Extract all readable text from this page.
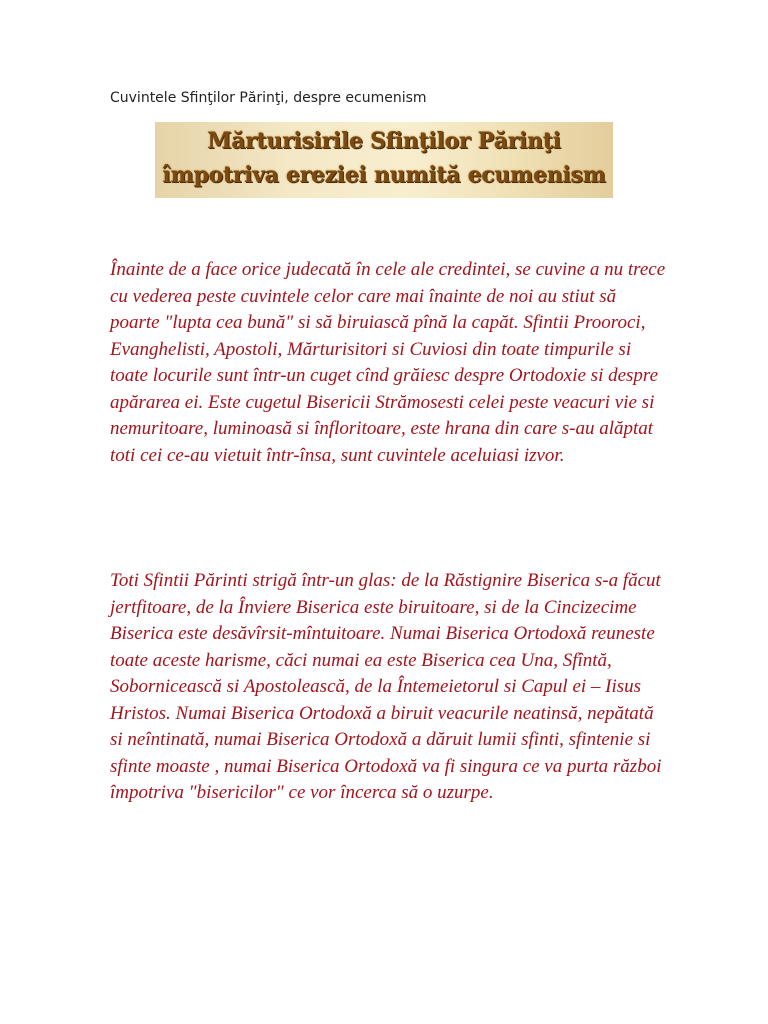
Cuvintele Sfinţilor Părinţi, despre ecumenism
Mărturisirile Sfinţilor Părinţi
împotriva ereziei numită ecumenism

Înainte de a face orice judecată în cele ale credintei, se cuvine a nu trece cu vederea peste cuvintele celor care mai înainte de noi au stiut să poarte "lupta cea bună" si să biruiască pînă la capăt. Sfintii Prooroci, Evanghelisti, Apostoli, Mărturisitori si Cuviosi din toate timpurile si toate locurile sunt într-un cuget cînd grăiesc despre Ortodoxie si despre apărarea ei. Este cugetul Bisericii Strămosesti celei peste veacuri vie si nemuritoare, luminoasă si înfloritoare, este hrana din care s-au alăptat toti cei ce-au vietuit într-însa, sunt cuvintele aceluiasi izvor.

Toti Sfintii Părinti strigă într-un glas: de la Răstignire Biserica s-a făcut jertfitoare, de la Înviere Biserica este biruitoare, si de la Cincizecime Biserica este desăvîrsit-mîntuitoare. Numai Biserica Ortodoxă reuneste toate aceste harisme, căci numai ea este Biserica cea Una, Sfîntă, Sobornicească si Apostolească, de la Întemeietorul si Capul ei – Iisus Hristos. Numai Biserica Ortodoxă a biruit veacurile neatinsă, nepătată si neîntinată, numai Biserica Ortodoxă a dăruit lumii sfinti, sfintenie si sfinte moaste , numai Biserica Ortodoxă va fi singura ce va purta război împotriva "bisericilor" ce vor încerca să o uzurpe.
